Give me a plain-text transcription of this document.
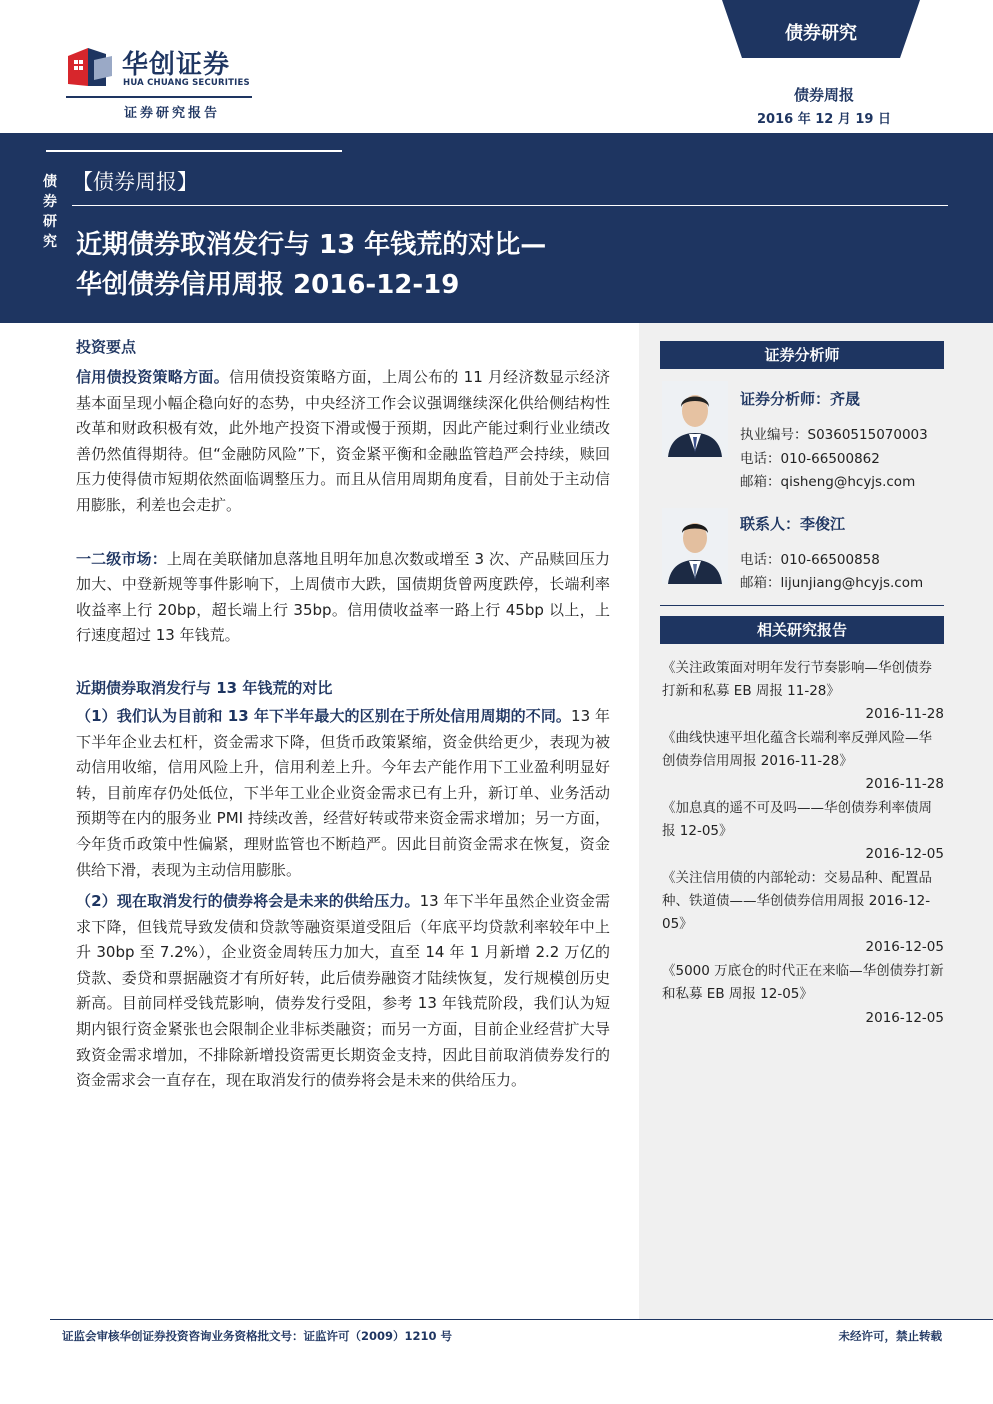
华创证券
HUA CHUANG SECURITIES
证券研究报告
债券研究
债券周报
2016 年 12 月 19 日
债券研究
【债券周报】
近期债券取消发行与 13 年钱荒的对比—
华创债券信用周报 2016-12-19
证券分析师
证券分析师：齐晟
执业编号：S0360515070003
电话：010-66500862
邮箱：qisheng@hcyjs.com
联系人：李俊江
电话：010-66500858
邮箱：lijunjiang@hcyjs.com
相关研究报告
《关注政策面对明年发行节奏影响—华创债券打新和私募 EB 周报 11-28》
2016-11-28
《曲线快速平坦化蕴含长端利率反弹风险—华创债券信用周报 2016-11-28》
2016-11-28
《加息真的遥不可及吗——华创债券利率债周报 12-05》
2016-12-05
《关注信用债的内部轮动：交易品种、配置品种、铁道债——华创债券信用周报 2016-12-05》
2016-12-05
《5000 万底仓的时代正在来临—华创债券打新和私募 EB 周报 12-05》
2016-12-05
投资要点

信用债投资策略方面。信用债投资策略方面，上周公布的 11 月经济数显示经济基本面呈现小幅企稳向好的态势，中央经济工作会议强调继续深化供给侧结构性改革和财政积极有效，此外地产投资下滑或慢于预期，因此产能过剩行业业绩改善仍然值得期待。但“金融防风险”下，资金紧平衡和金融监管趋严会持续，赎回压力使得债市短期依然面临调整压力。而且从信用周期角度看，目前处于主动信用膨胀，利差也会走扩。

一二级市场：上周在美联储加息落地且明年加息次数或增至 3 次、产品赎回压力加大、中登新规等事件影响下，上周债市大跌，国债期货曾两度跌停，长端利率收益率上行 20bp，超长端上行 35bp。信用债收益率一路上行 45bp 以上，上行速度超过 13 年钱荒。

近期债券取消发行与 13 年钱荒的对比

（1）我们认为目前和 13 年下半年最大的区别在于所处信用周期的不同。13 年下半年企业去杠杆，资金需求下降，但货币政策紧缩，资金供给更少，表现为被动信用收缩，信用风险上升，信用利差上升。今年去产能作用下工业盈利明显好转，目前库存仍处低位，下半年工业企业资金需求已有上升，新订单、业务活动预期等在内的服务业 PMI 持续改善，经营好转或带来资金需求增加；另一方面，今年货币政策中性偏紧，理财监管也不断趋严。因此目前资金需求在恢复，资金供给下滑，表现为主动信用膨胀。

（2）现在取消发行的债券将会是未来的供给压力。13 年下半年虽然企业资金需求下降，但钱荒导致发债和贷款等融资渠道受阻后（年底平均贷款利率较年中上升 30bp 至 7.2%），企业资金周转压力加大，直至 14 年 1 月新增 2.2 万亿的贷款、委贷和票据融资才有所好转，此后债券融资才陆续恢复，发行规模创历史新高。目前同样受钱荒影响，债券发行受阻，参考 13 年钱荒阶段，我们认为短期内银行资金紧张也会限制企业非标类融资；而另一方面，目前企业经营扩大导致资金需求增加，不排除新增投资需更长期资金支持，因此目前取消债券发行的资金需求会一直存在，现在取消发行的债券将会是未来的供给压力。

证监会审核华创证券投资咨询业务资格批文号：证监许可（2009）1210 号	未经许可，禁止转载
